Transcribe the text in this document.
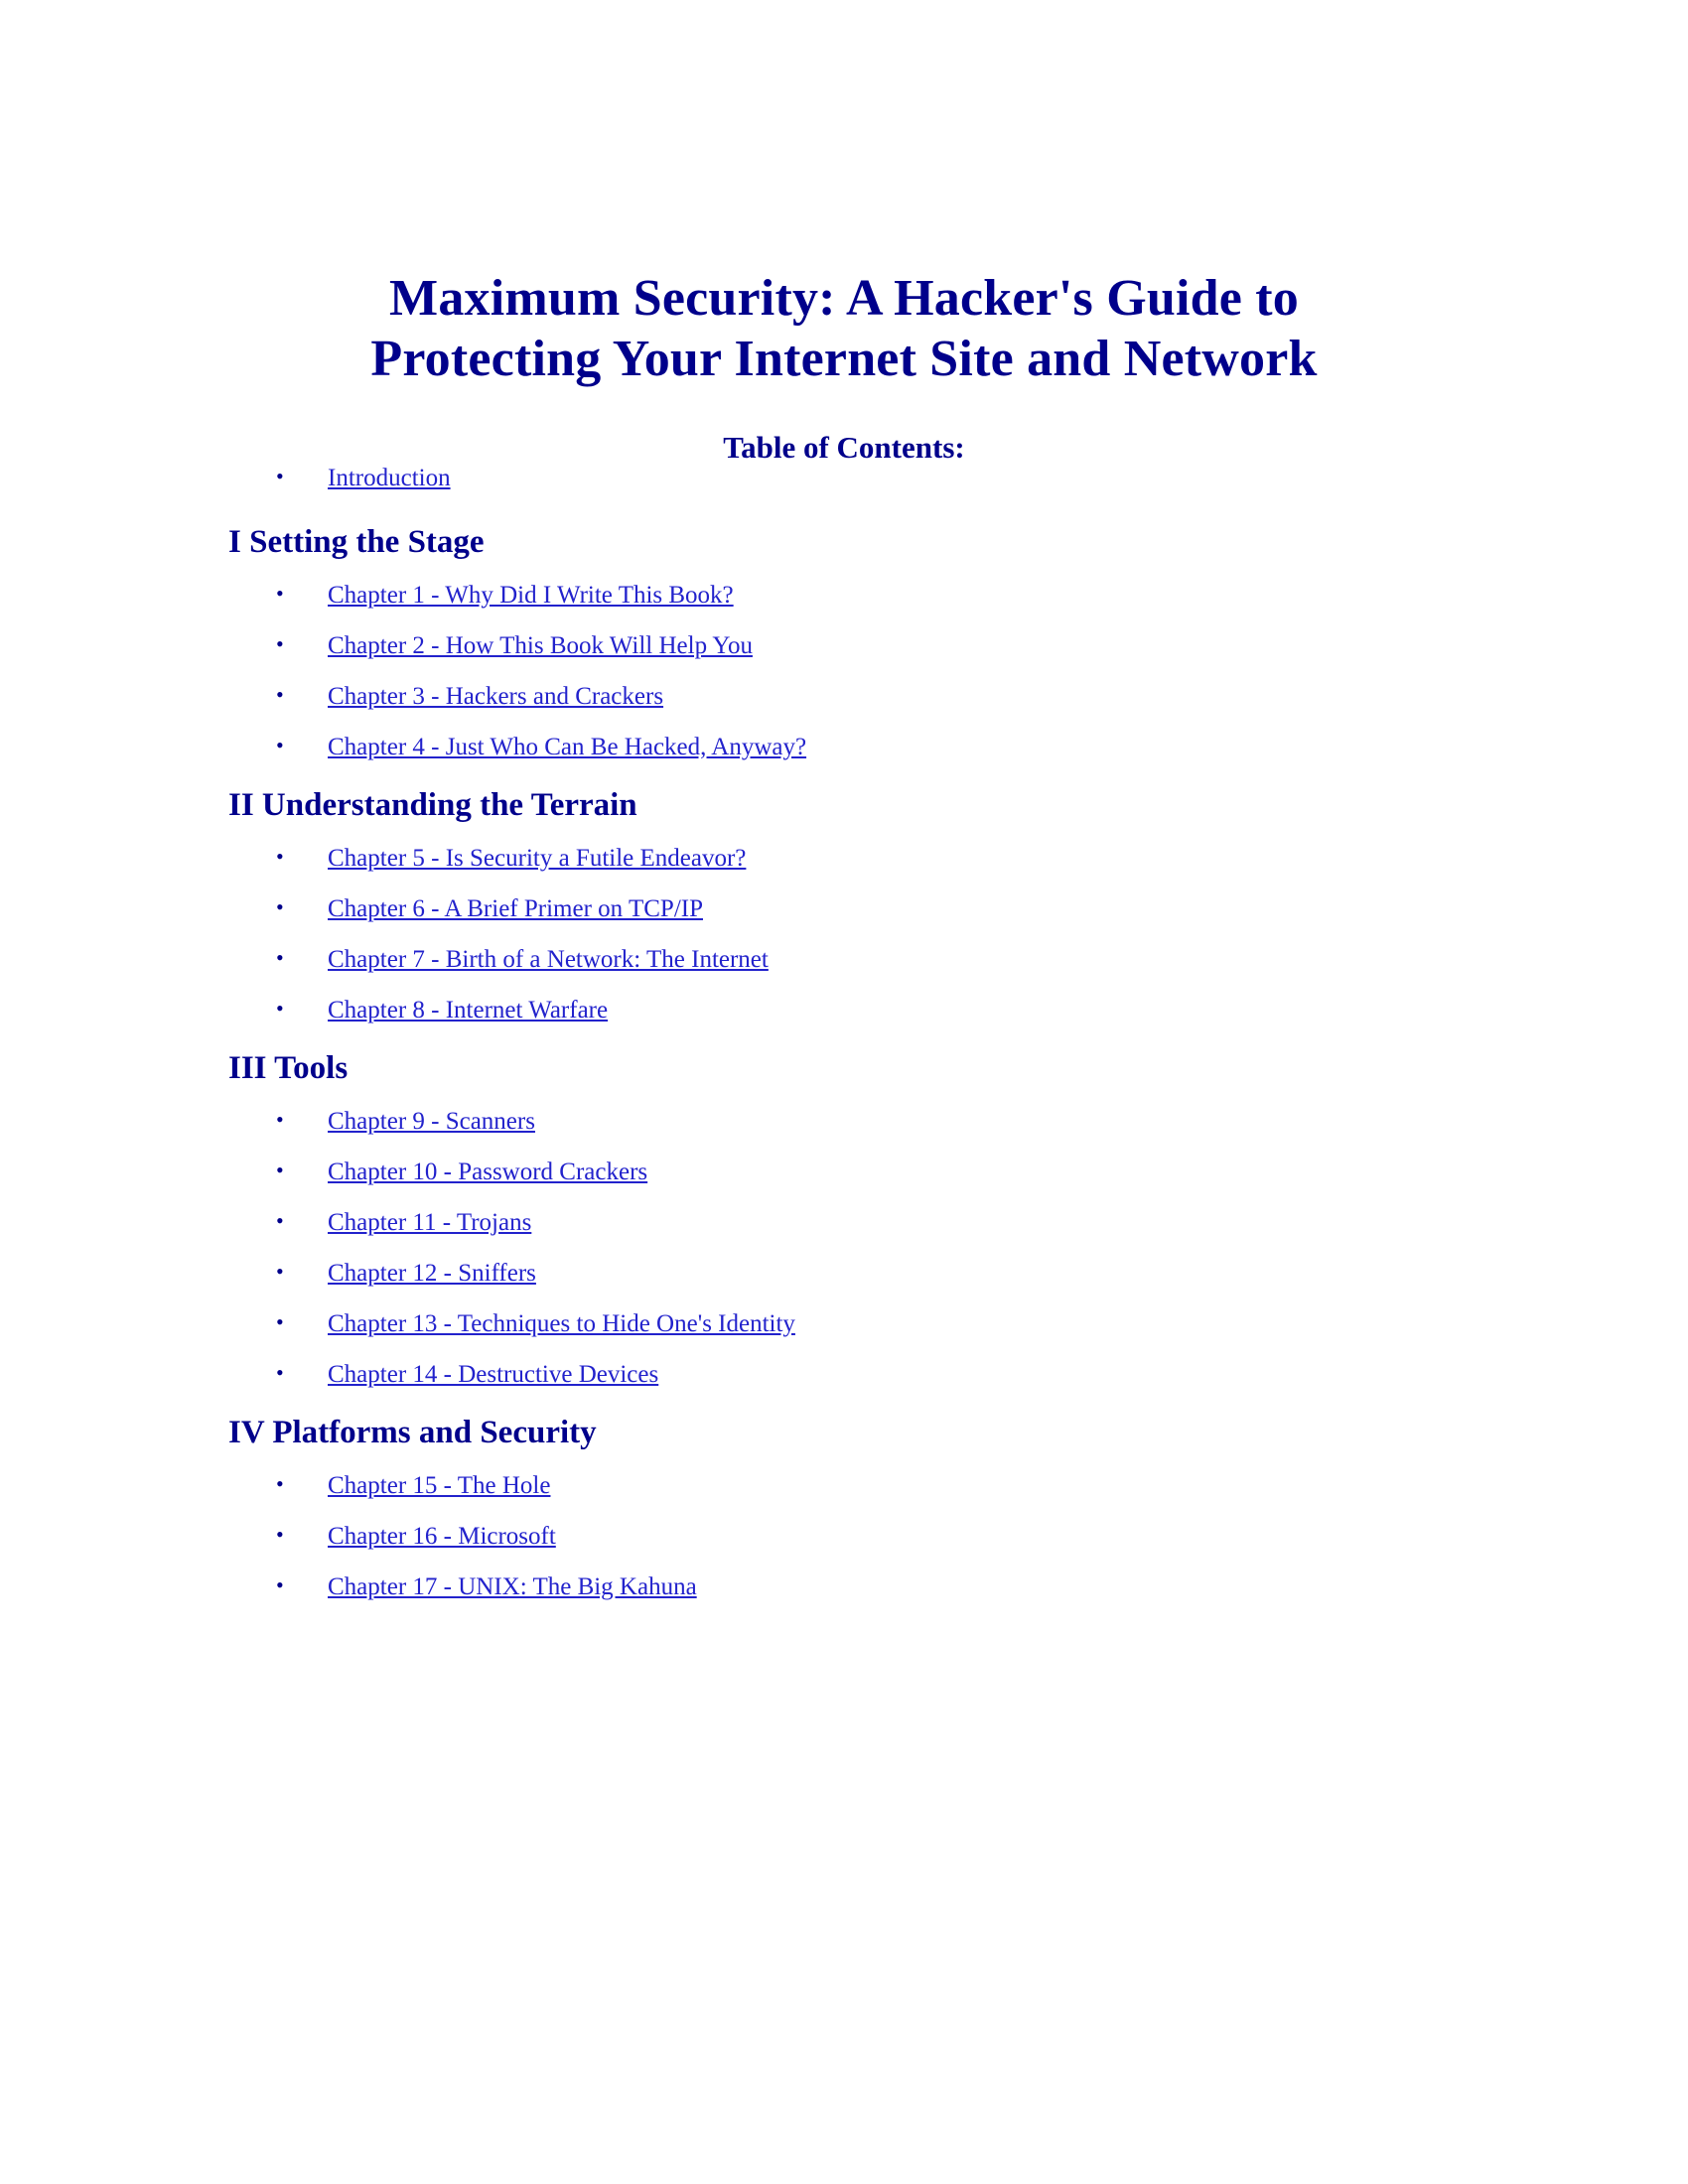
Maximum Security: A Hacker's Guide to Protecting Your Internet Site and Network
Table of Contents:
• Introduction
I Setting the Stage
• Chapter 1 - Why Did I Write This Book?
• Chapter 2 - How This Book Will Help You
• Chapter 3 - Hackers and Crackers
• Chapter 4 - Just Who Can Be Hacked, Anyway?
II Understanding the Terrain
• Chapter 5 - Is Security a Futile Endeavor?
• Chapter 6 - A Brief Primer on TCP/IP
• Chapter 7 - Birth of a Network: The Internet
• Chapter 8 - Internet Warfare
III Tools
• Chapter 9 - Scanners
• Chapter 10 - Password Crackers
• Chapter 11 - Trojans
• Chapter 12 - Sniffers
• Chapter 13 - Techniques to Hide One's Identity
• Chapter 14 - Destructive Devices
IV Platforms and Security
• Chapter 15 - The Hole
• Chapter 16 - Microsoft
• Chapter 17 - UNIX: The Big Kahuna
